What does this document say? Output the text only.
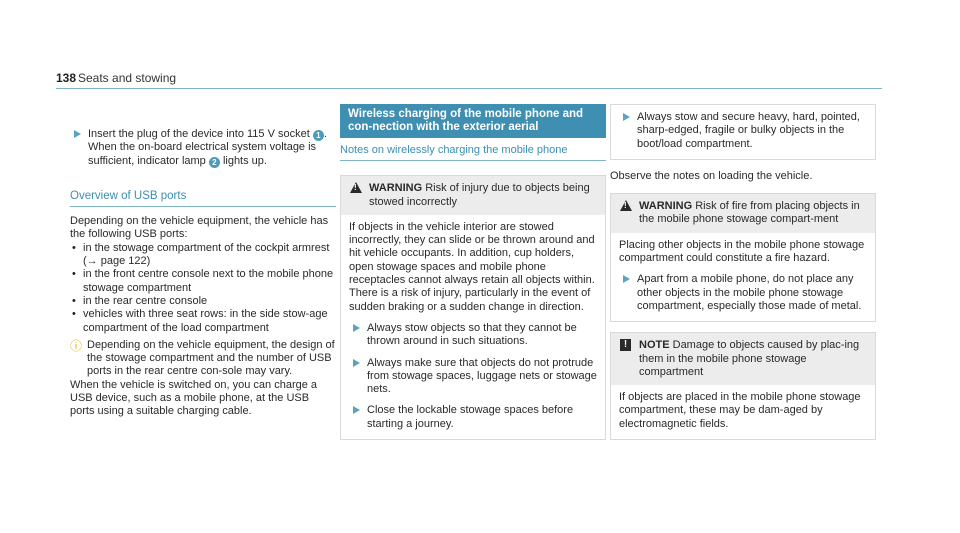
138 Seats and stowing

Insert the plug of the device into 115 V socket 1 .
When the on-board electrical system voltage is sufficient, indicator lamp 2 lights up.

Overview of USB ports

Depending on the vehicle equipment, the vehicle has the following USB ports:

• in the stowage compartment of the cockpit armrest (→ page 122)
• in the front centre console next to the mobile phone stowage compartment
• in the rear centre console
• vehicles with three seat rows: in the side stow-age compartment of the load compartment
ⓘ Depending on the vehicle equipment, the design of the stowage compartment and the number of USB ports in the rear centre con-sole may vary.

When the vehicle is switched on, you can charge a USB device, such as a mobile phone, at the USB ports using a suitable charging cable.

Wireless charging of the mobile phone and con-nection with the exterior aerial
Notes on wirelessly charging the mobile phone
!
WARNING Risk of injury due to objects being stowed incorrectly

If objects in the vehicle interior are stowed incorrectly, they can slide or be thrown around and hit vehicle occupants. In addition, cup holders, open stowage spaces and mobile phone receptacles cannot always retain all objects within.

There is a risk of injury, particularly in the event of sudden braking or a sudden change in direction.

Always stow objects so that they cannot be thrown around in such situations.

Always make sure that objects do not protrude from stowage spaces, luggage nets or stowage nets.

Close the lockable stowage spaces before starting a journey.

Always stow and secure heavy, hard, pointed, sharp-edged, fragile or bulky objects in the boot/load compartment.

Observe the notes on loading the vehicle.

!
WARNING Risk of fire from placing objects in the mobile phone stowage compart-ment

Placing other objects in the mobile phone stowage compartment could constitute a fire hazard.

Apart from a mobile phone, do not place any other objects in the mobile phone stowage compartment, especially those made of metal.

!	NOTE Damage to objects caused by plac-ing them in the mobile phone stowage compartment

If objects are placed in the mobile phone stowage compartment, these may be dam-aged by electromagnetic fields.
